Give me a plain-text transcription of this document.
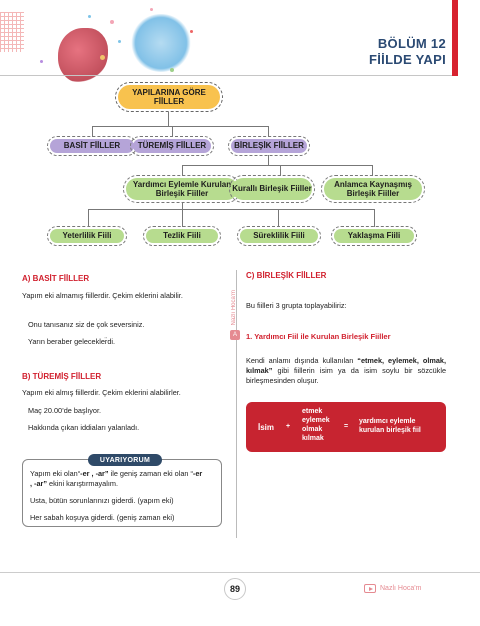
BÖLÜM 12
FİİLDE YAPI
YAPILARINA GÖRE FİİLLER
BASİT FİİLLER	TÜREMİŞ FİİLLER	BİRLEŞİK FİİLLER
Yardımcı Eylemle Kurulan Birleşik Fiiller
Kurallı Birleşik Fiiller
Anlamca Kaynaşmış Birleşik Fiiller
Yeterlilik Fiili	Tezlik Fiili	Süreklilik Fiili	Yaklaşma Fiili
A) BASİT FİİLLER
Yapım eki almamış fiillerdir. Çekim eklerini alabilir.
Onu tanısanız siz de çok seversiniz.
Yarın beraber gelecekler̈di.
B) TÜREMİŞ FİİLLER
Yapım eki almış fiillerdir. Çekim eklerini alabilirler.
Maç 20.00’de başlıyor.
Hakkında çıkan iddiaları yalanladı.
UYARIYORUM
Yapım eki olan“-er , -ar” ile geniş zaman eki olan “-er
, -ar” ekini karıştırmayalım.
Usta, bütün sorunlarınızı giderdi. (yapım eki)
Her sabah koşuya giderdi. (geniş zaman eki)
Nazlı Hoca'm
A
C) BİRLEŞİK FİİLLER
Bu fiilleri 3 grupta toplayabiliriz:
1. Yardımcı Fiil ile Kurulan Birleşik Fiiller
Kendi anlamı dışında kullanılan “etmek, eylemek, olmak, kılmak” gibi fiillerin isim ya da isim soylu bir sözcükle birleşmesinden oluşur.
İsim +
etmek
eylemek
olmak
kılmak
=
yardımcı eylemle
kurulan birleşik fiil
89	Nazlı Hoca'm
